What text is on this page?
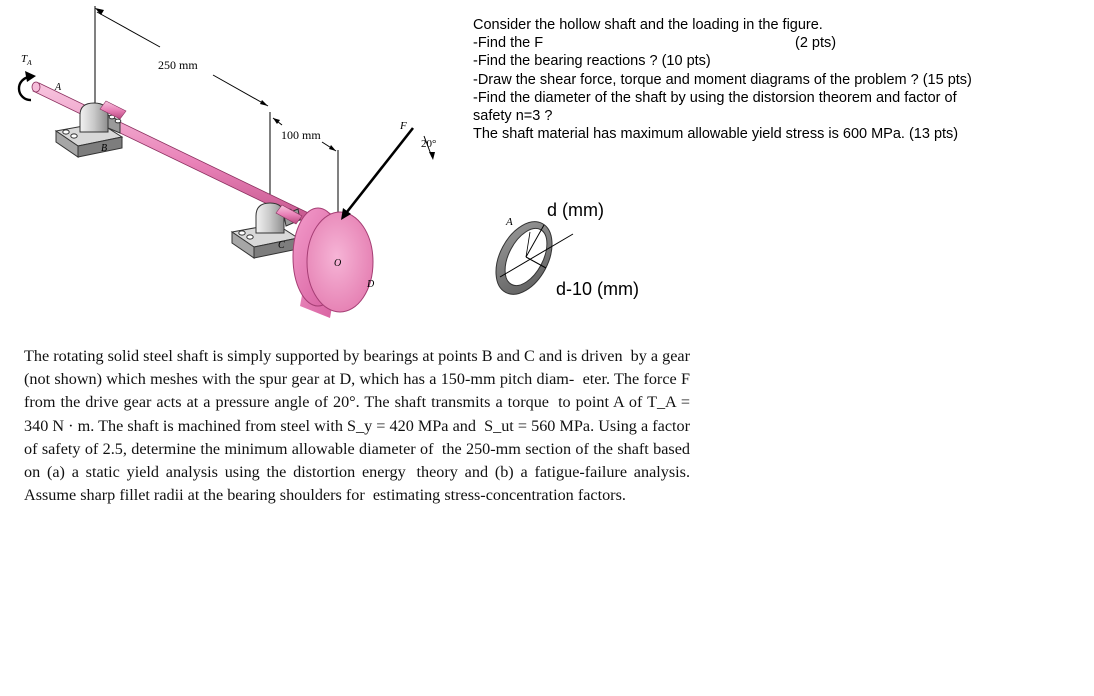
250 mm
100 mm
F
20°
$T_A$
A
B
C
O
D
A
Consider the hollow shaft and the loading in the figure.
-Find the F	(2 pts)
-Find the bearing reactions ? (10 pts)
-Draw the shear force, torque and moment diagrams of the problem ? (15 pts)
-Find the diameter of the shaft by using the distorsion theorem and factor of
safety n=3 ?
The shaft material has maximum allowable yield stress is 600 MPa. (13 pts)
d (mm)
d-10 (mm)
The rotating solid steel shaft is simply supported by bearings at points B and C and is driven by a gear (not shown) which meshes with the spur gear at D, which has a 150-mm pitch diam- eter. The force F from the drive gear acts at a pressure angle of 20°. The shaft transmits a torque to point A of T_A = 340 N · m. The shaft is machined from steel with S_y = 420 MPa and S_ut = 560 MPa. Using a factor of safety of 2.5, determine the minimum allowable diameter of the 250-mm section of the shaft based on (a) a static yield analysis using the distortion energy theory and (b) a fatigue-failure analysis. Assume sharp fillet radii at the bearing shoulders for estimating stress-concentration factors.
